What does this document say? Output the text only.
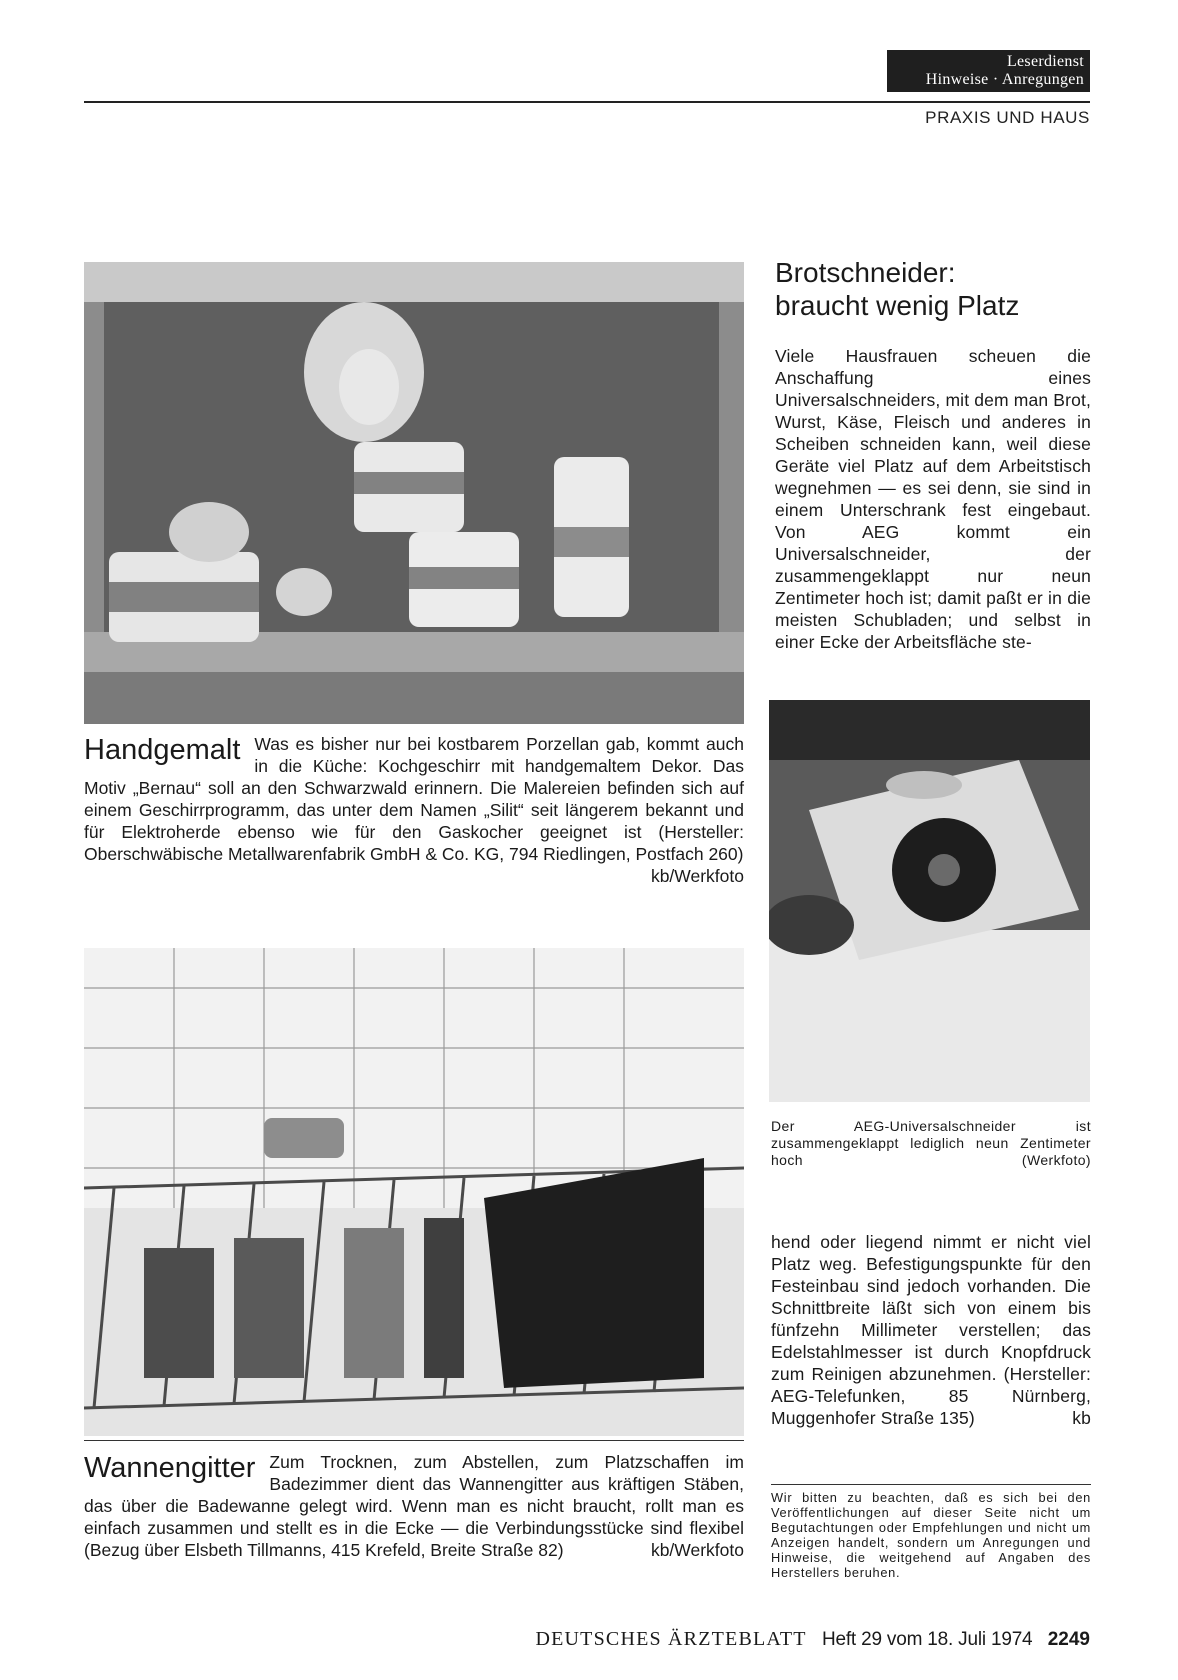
Leserdienst
Hinweise · Anregungen
PRAXIS UND HAUS
Brotschneider:
braucht wenig Platz

Viele Hausfrauen scheuen die Anschaffung eines Universalschneiders, mit dem man Brot, Wurst, Käse, Fleisch und anderes in Scheiben schneiden kann, weil diese Geräte viel Platz auf dem Arbeitstisch wegnehmen — es sei denn, sie sind in einem Unterschrank fest eingebaut. Von AEG kommt ein Universalschneider, der zusammengeklappt nur neun Zentimeter hoch ist; damit paßt er in die meisten Schubladen; und selbst in einer Ecke der Arbeitsfläche ste-

Der AEG-Universalschneider ist zusammengeklappt lediglich neun Zentimeter hoch	(Werkfoto)

hend oder liegend nimmt er nicht viel Platz weg. Befestigungspunkte für den Festeinbau sind jedoch vorhanden. Die Schnittbreite läßt sich von einem bis fünfzehn Millimeter verstellen; das Edelstahlmesser ist durch Knopfdruck zum Reinigen abzunehmen. (Hersteller: AEG-Telefunken, 85 Nürnberg, Muggenhofer Straße 135)	kb

Handgemalt Was es bisher nur bei kostbarem Porzellan gab, kommt auch in die Küche: Kochgeschirr mit handgemaltem Dekor. Das Motiv „Bernau“ soll an den Schwarzwald erinnern. Die Malereien befinden sich auf einem Geschirrprogramm, das unter dem Namen „Silit“ seit längerem bekannt und für Elektroherde ebenso wie für den Gaskocher geeignet ist (Hersteller: Oberschwäbische Metallwarenfabrik GmbH & Co. KG, 794 Riedlingen, Postfach 260)
kb/Werkfoto
Wannengitter Zum Trocknen, zum Abstellen, zum Platzschaffen im Badezimmer dient das Wannengitter aus kräftigen Stäben, das über die Badewanne gelegt wird. Wenn man es nicht braucht, rollt man es einfach zusammen und stellt es in die Ecke — die Verbindungsstücke sind flexibel (Bezug über Elsbeth Tillmanns, 415 Krefeld, Breite Straße 82)	kb/Werkfoto

Wir bitten zu beachten, daß es sich bei den Veröffentlichungen auf dieser Seite nicht um Begutachtungen oder Empfehlungen und nicht um Anzeigen handelt, sondern um Anregungen und Hinweise, die weitgehend auf Angaben des Herstellers beruhen.

DEUTSCHES ÄRZTEBLATT Heft 29 vom 18. Juli 1974 2249
